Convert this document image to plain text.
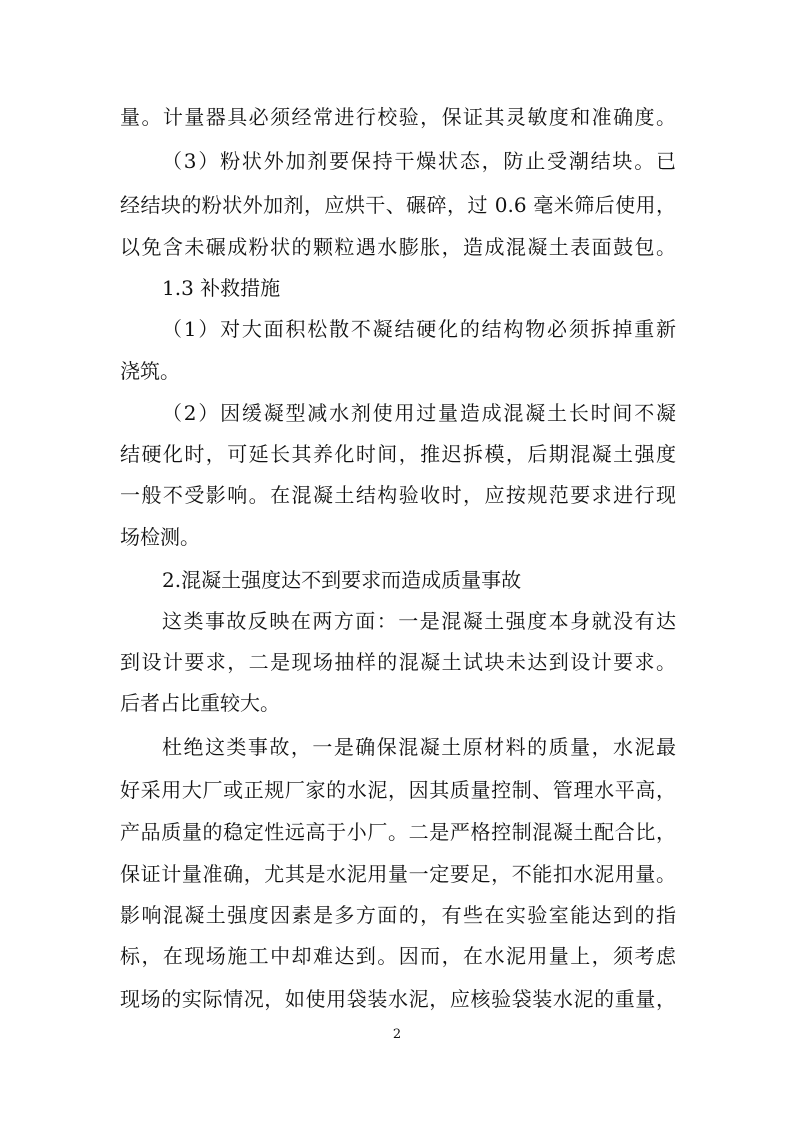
量。计量器具必须经常进行校验，保证其灵敏度和准确度。
（3）粉状外加剂要保持干燥状态，防止受潮结块。已
经结块的粉状外加剂，应烘干、碾碎，过 0.6 毫米筛后使用，
以免含未碾成粉状的颗粒遇水膨胀，造成混凝土表面鼓包。
1.3 补救措施
（1）对大面积松散不凝结硬化的结构物必须拆掉重新
浇筑。
（2）因缓凝型减水剂使用过量造成混凝土长时间不凝
结硬化时，可延长其养化时间，推迟拆模，后期混凝土强度
一般不受影响。在混凝土结构验收时，应按规范要求进行现
场检测。
2.混凝土强度达不到要求而造成质量事故
这类事故反映在两方面：一是混凝土强度本身就没有达
到设计要求，二是现场抽样的混凝土试块未达到设计要求。
后者占比重较大。
杜绝这类事故，一是确保混凝土原材料的质量，水泥最
好采用大厂或正规厂家的水泥，因其质量控制、管理水平高，
产品质量的稳定性远高于小厂。二是严格控制混凝土配合比，
保证计量准确，尤其是水泥用量一定要足，不能扣水泥用量。
影响混凝土强度因素是多方面的，有些在实验室能达到的指
标，在现场施工中却难达到。因而，在水泥用量上，须考虑
现场的实际情况，如使用袋装水泥，应核验袋装水泥的重量，
2
